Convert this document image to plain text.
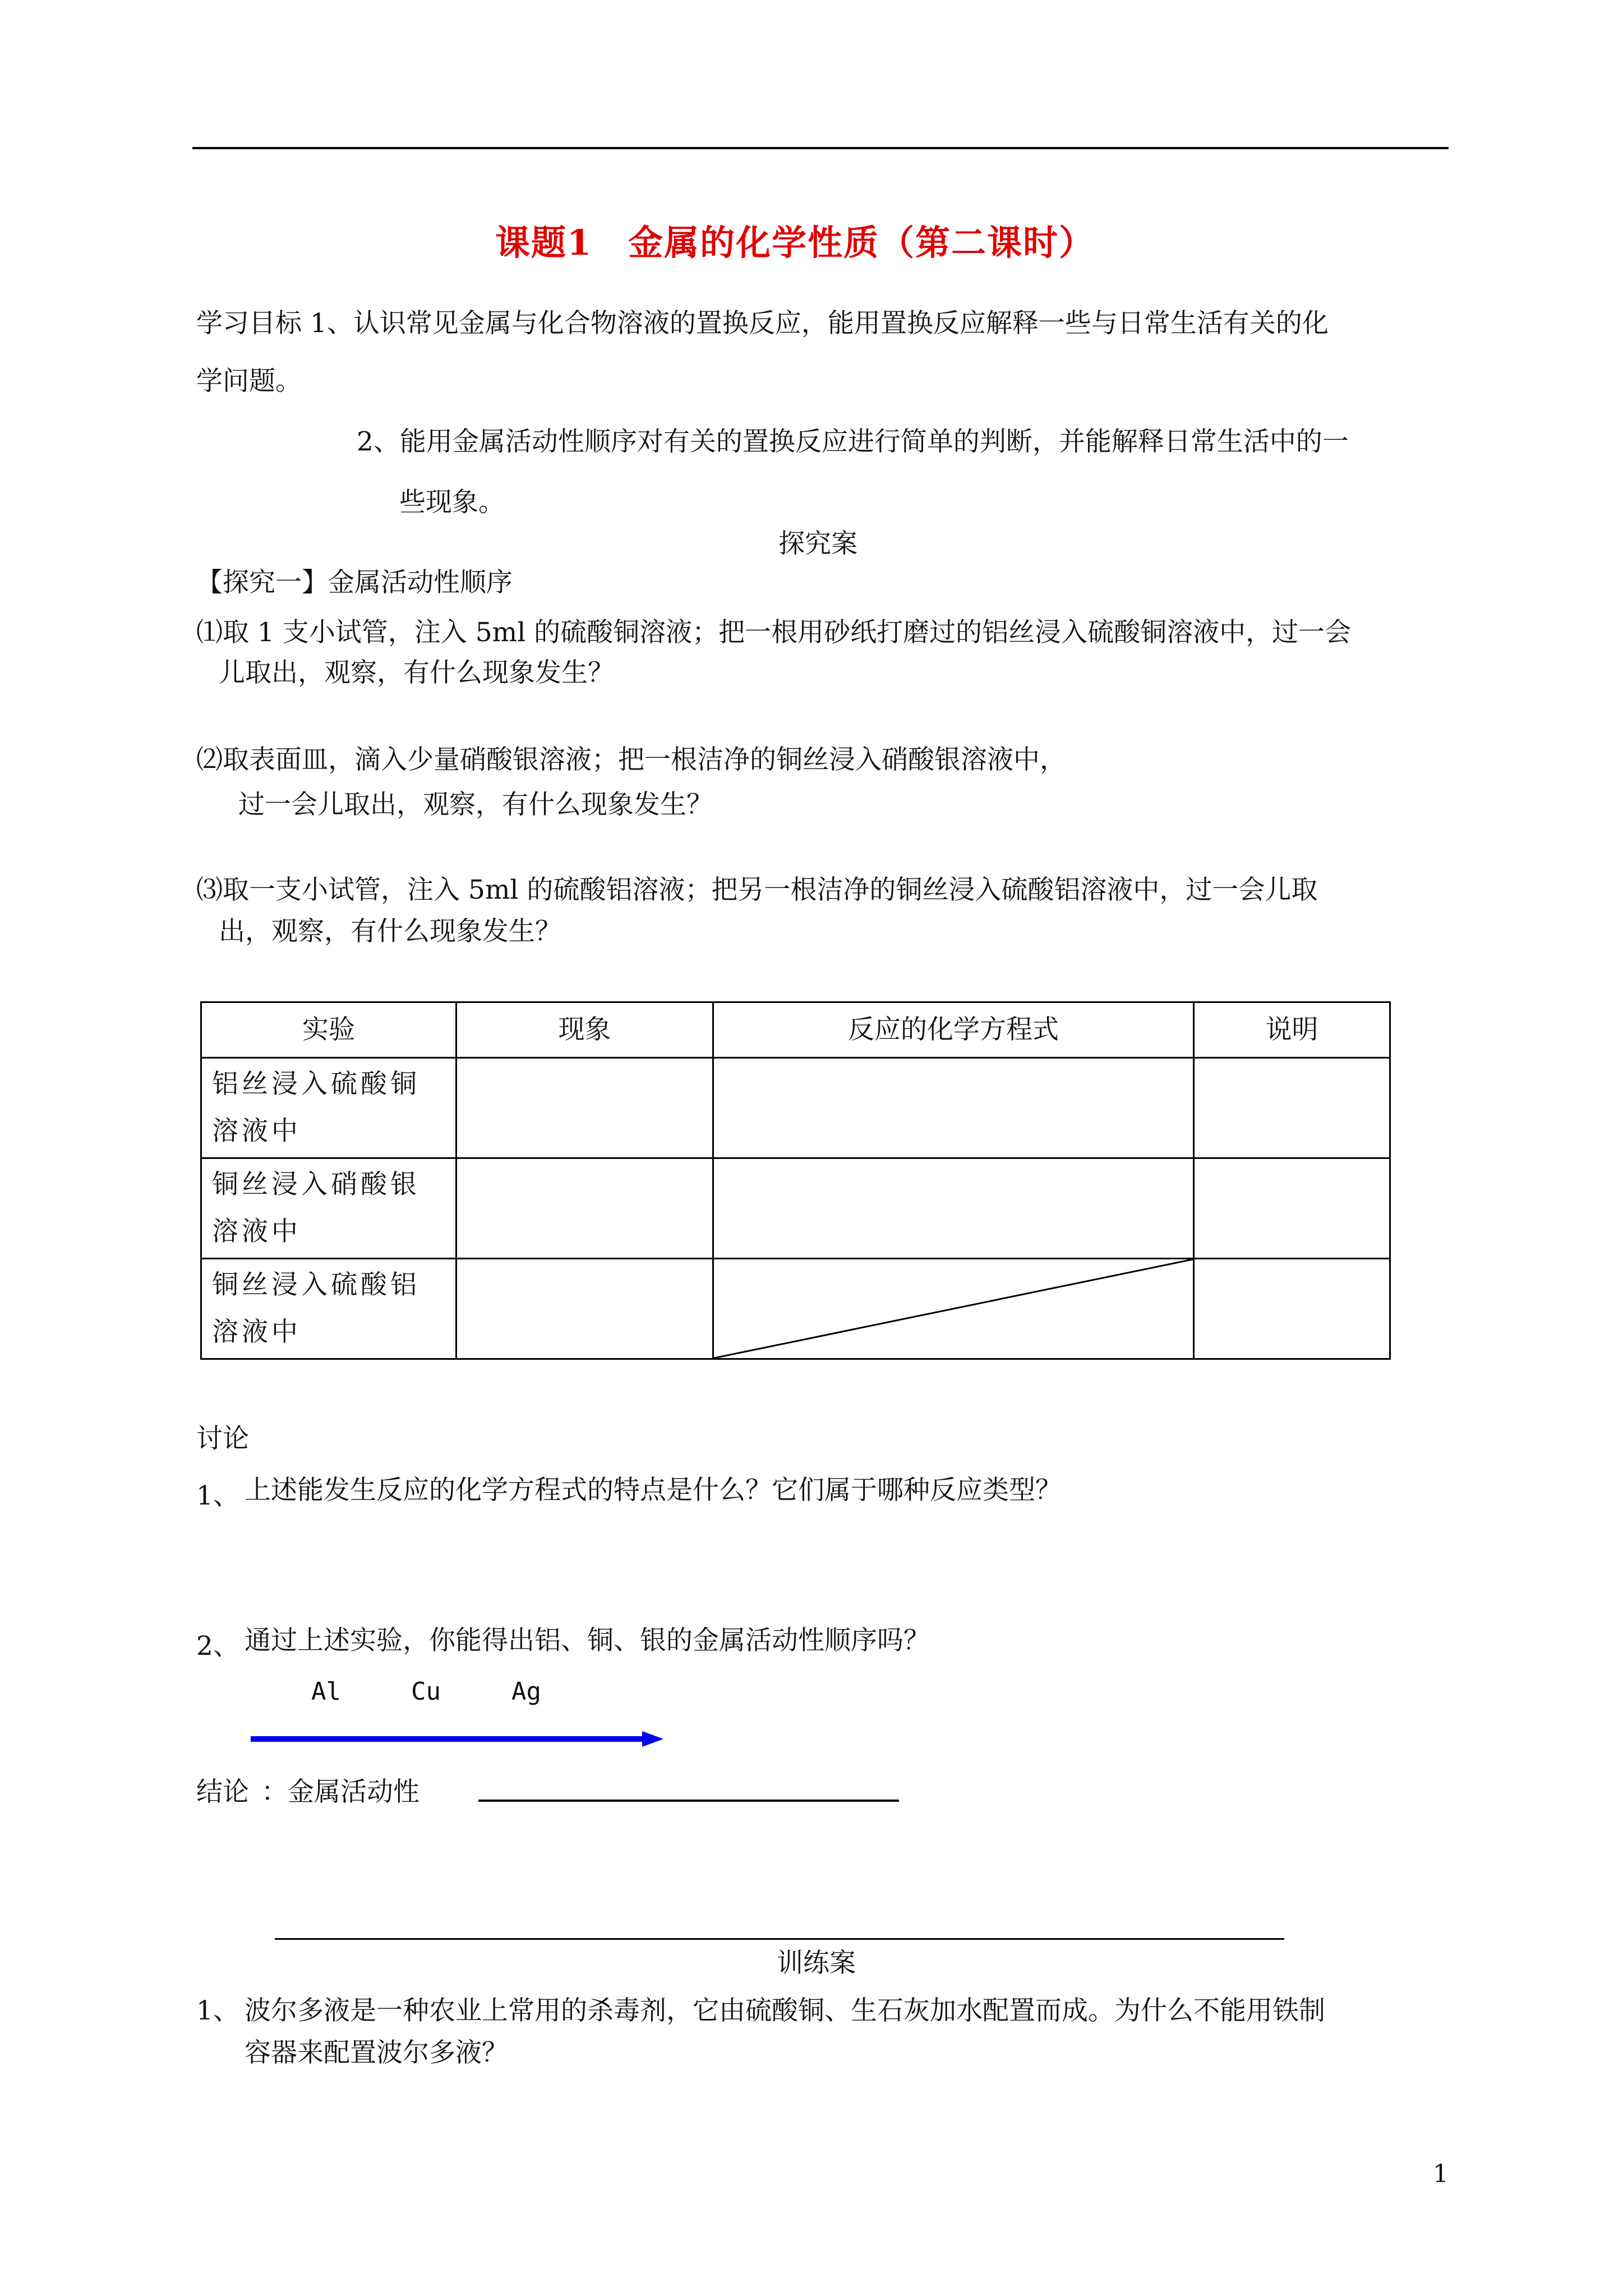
课题1　金属的化学性质（第二课时）
学习目标 1、认识常见金属与化合物溶液的置换反应，能用置换反应解释一些与日常生活有关的化
学问题。
2、能用金属活动性顺序对有关的置换反应进行简单的判断，并能解释日常生活中的一
些现象。
探究案
【探究一】金属活动性顺序
⑴取 1 支小试管，注入 5ml 的硫酸铜溶液；把一根用砂纸打磨过的铝丝浸入硫酸铜溶液中，过一会
儿取出，观察，有什么现象发生？
⑵取表面皿，滴入少量硝酸银溶液；把一根洁净的铜丝浸入硝酸银溶液中，
过一会儿取出，观察，有什么现象发生？
⑶取一支小试管，注入 5ml 的硫酸铝溶液；把另一根洁净的铜丝浸入硫酸铝溶液中，过一会儿取
出，观察，有什么现象发生？
实验	现象	反应的化学方程式	说明
铝丝浸入硫酸铜溶液中			
铜丝浸入硝酸银溶液中			
铜丝浸入硫酸铝溶液中		

讨论
1、 上述能发生反应的化学方程式的特点是什么？它们属于哪种反应类型？
2、 通过上述实验，你能得出铝、铜、银的金属活动性顺序吗？
Al	Cu	Ag
结论 ：金属活动性
训练案
1、 波尔多液是一种农业上常用的杀毒剂，它由硫酸铜、生石灰加水配置而成。为什么不能用铁制
容器来配置波尔多液？
1
